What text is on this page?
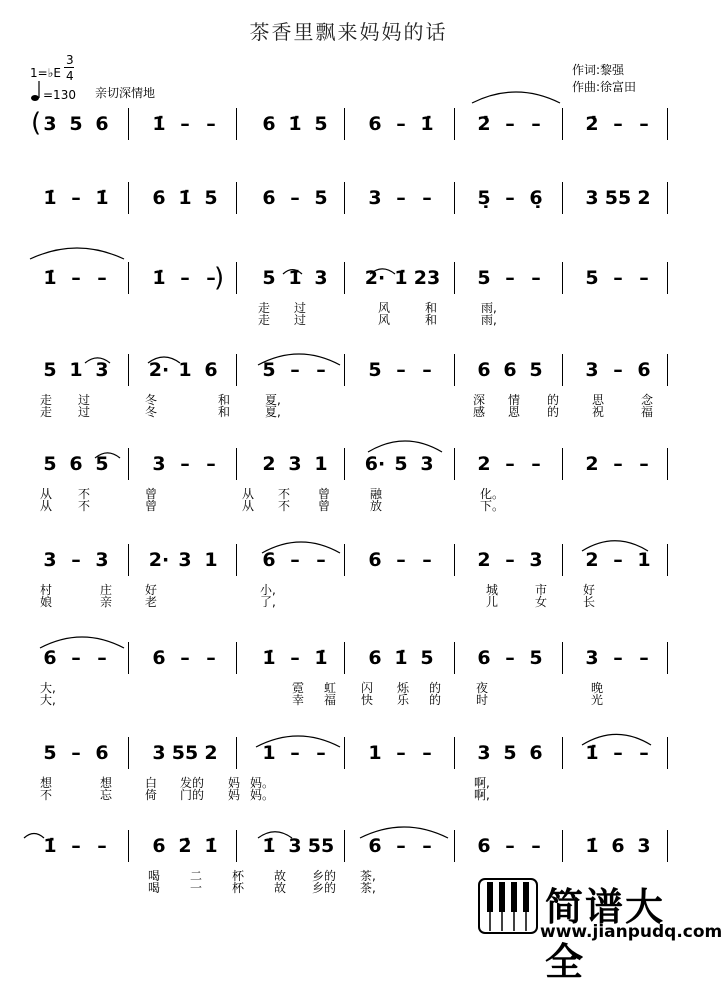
茶香里飘来妈妈的话
1=♭E
3
4
=130 亲切深情地
作词:黎强
作曲:徐富田
3 5 6 1̇ – – 6 1̇ 5 6 – 1̇ 2̇ – – 2̇ – –
1̇ – 1̇ 6 1̇ 5 6 – 5 3 – – 5̣ – 6̣ 3 55 2
1̇ – – 1̇ – – 5 1̇ 3 2· 1̇ 23 5 – – 5 – –
走 过	风	和	雨,
走 过	风	和	雨,
5 1 3 2· 1 6 5 – – 5 – – 6 6 5 3 – 6
走 过	冬	和	夏,	深 情 的	思	念
走 过	冬	和	夏,	感 恩 的	祝	福
5 6 5 3 – – 2 3 1 6· 5 3 2 – – 2 – –
从 不	曾	从 不 曾	融	化。
从 不	曾	从 不 曾	放	下。
3 – 3 2· 3 1 6 – – 6 – – 2 – 3 2 – 1
村	庄	好	小,	城	市	好
娘	亲	老	了,	儿	女	长
6 – – 6 – – 1̇ – 1̇ 6 1̇ 5 6 – 5 3 – –
大,	霓 虹 闪 烁 的	夜	晚
大,	幸 福 快 乐 的	时	光
5 – 6 3 55 2 1 – – 1 – – 3 5 6 1̇ – –
想	想	白 发的 妈 妈。	啊,
不	忘	倚 门的 妈 妈。	啊,
1̇ – – 6 2̇ 1̇ 1̇ 3 55 6 – – 6 – – 1̇ 6 3
喝 二 杯 故 乡的 茶,
喝 一 杯 故 乡的 茶,	简谱大全
www.jianpudq.com
(
)
